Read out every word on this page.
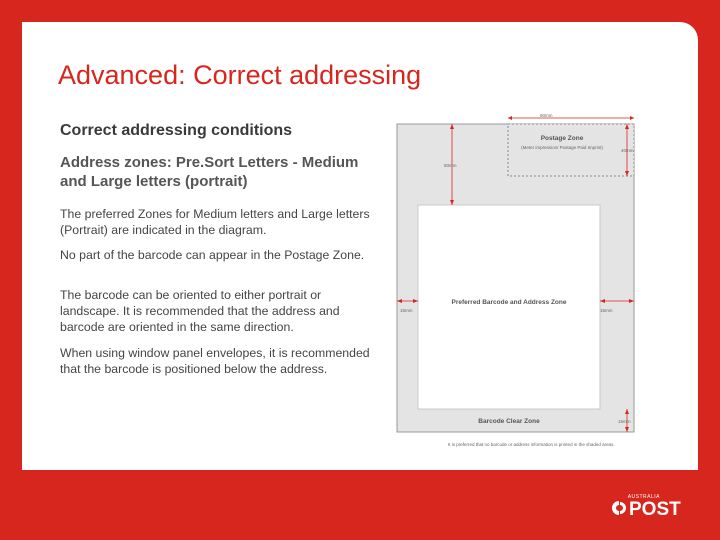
Advanced: Correct addressing
Correct addressing conditions
Address zones: Pre.Sort Letters - Medium and Large letters (portrait)
The preferred Zones for Medium letters and Large letters (Portrait) are indicated in the diagram.
No part of the barcode can appear in the Postage Zone.
The barcode can be oriented to either portrait or landscape. It is recommended that the address and barcode are oriented in the same direction.
When using window panel envelopes, it is recommended that the barcode is positioned below the address.
90mm
40mm
60mm
15mm	15mm
15mm
Postage Zone
(Meter impression/ Postage Paid Imprint)
Preferred Barcode and Address Zone
Barcode Clear Zone
It is preferred that no barcode or address information is printed in the shaded areas.
AUSTRALIA
POST
